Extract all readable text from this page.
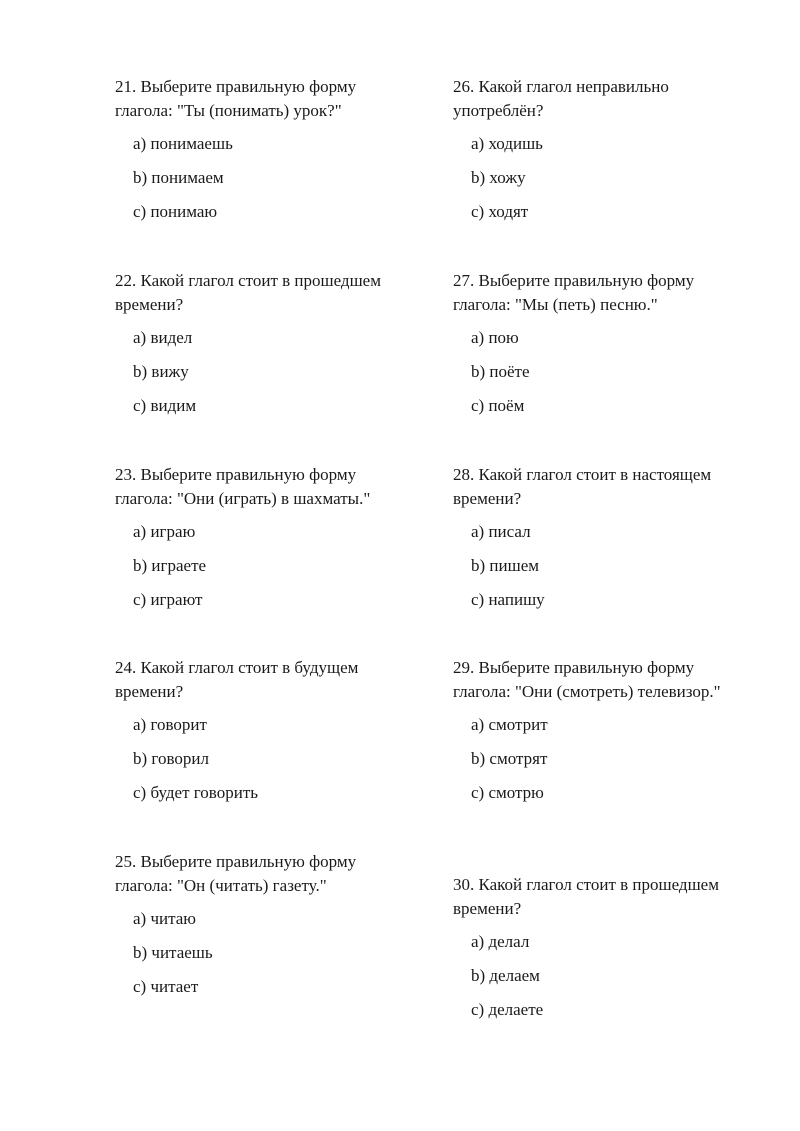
21. Выберите правильную форму глагола: "Ты (понимать) урок?"

a) понимаешь
b) понимаем
c) понимаю

22. Какой глагол стоит в прошедшем времени?

a) видел
b) вижу
c) видим

23. Выберите правильную форму глагола: "Они (играть) в шахматы."

a) играю
b) играете
c) играют

24. Какой глагол стоит в будущем времени?

a) говорит
b) говорил
c) будет говорить

25. Выберите правильную форму глагола: "Он (читать) газету."

a) читаю
b) читаешь
c) читает

26. Какой глагол неправильно употреблён?

a) ходишь
b) хожу
c) ходят

27. Выберите правильную форму глагола: "Мы (петь) песню."

a) пою
b) поёте
c) поём

28. Какой глагол стоит в настоящем времени?

a) писал
b) пишем
c) напишу

29. Выберите правильную форму глагола: "Они (смотреть) телевизор."

a) смотрит
b) смотрят
c) смотрю

30. Какой глагол стоит в прошедшем времени?

a) делал
b) делаем
c) делаете
